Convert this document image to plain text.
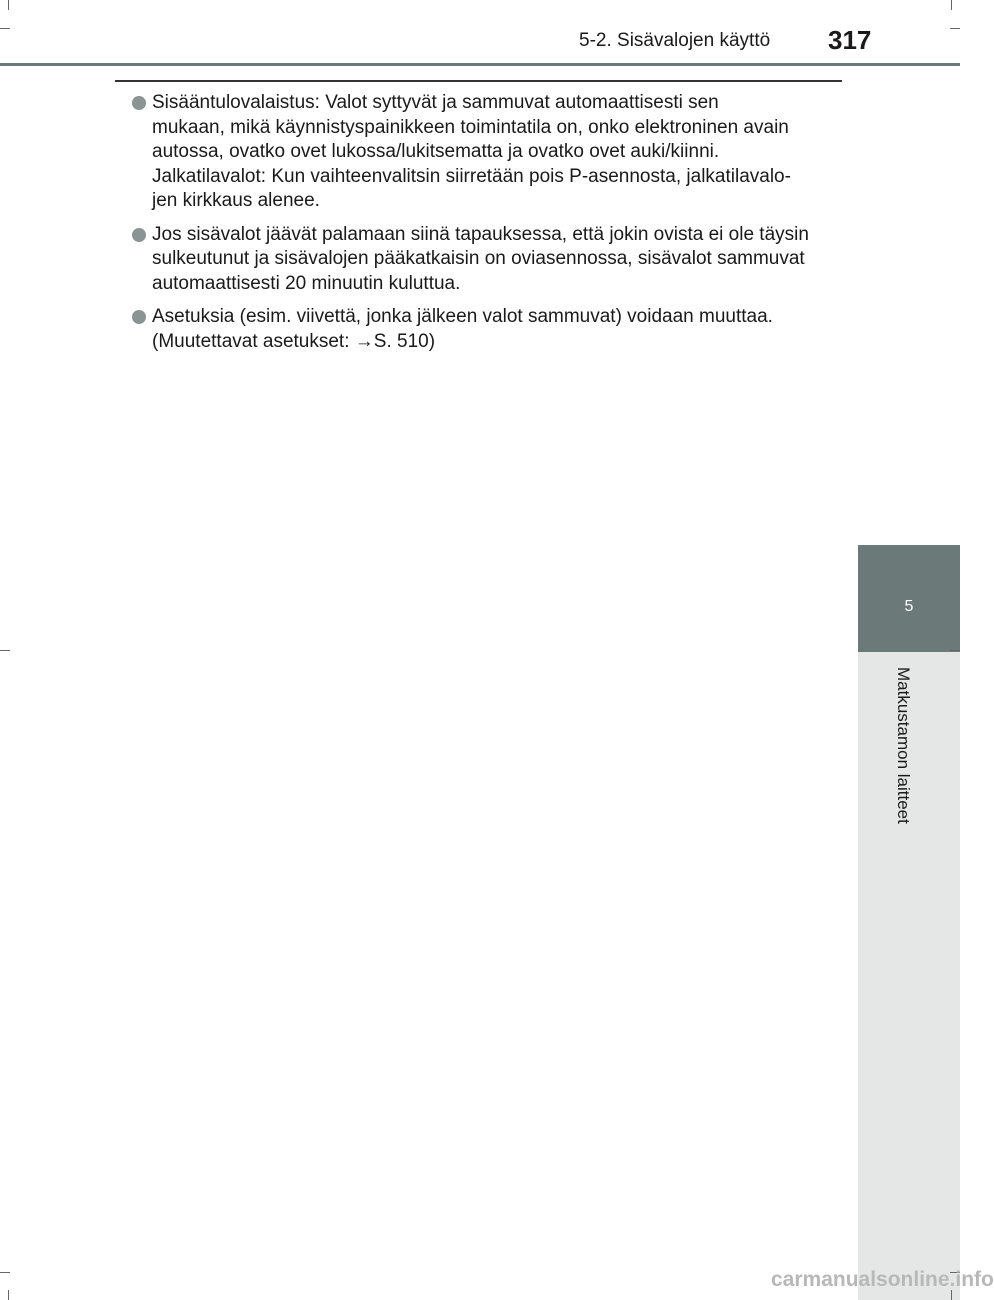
5-2. Sisävalojen käyttö 317

Sisääntulovalaistus: Valot syttyvät ja sammuvat automaattisesti sen

mukaan, mikä käynnistyspainikkeen toimintatila on, onko elektroninen avain

autossa, ovatko ovet lukossa/lukitsematta ja ovatko ovet auki/kiinni.

Jalkatilavalot: Kun vaihteenvalitsin siirretään pois P-asennosta, jalkatilavalo-

jen kirkkaus alenee.

Jos sisävalot jäävät palamaan siinä tapauksessa, että jokin ovista ei ole täysin

sulkeutunut ja sisävalojen pääkatkaisin on oviasennossa, sisävalot sammuvat

automaattisesti 20 minuutin kuluttua.

Asetuksia (esim. viivettä, jonka jälkeen valot sammuvat) voidaan muuttaa.

(Muutettavat asetukset: →S. 510)

5
Matkustamon laitteet
carmanualsonline.info
